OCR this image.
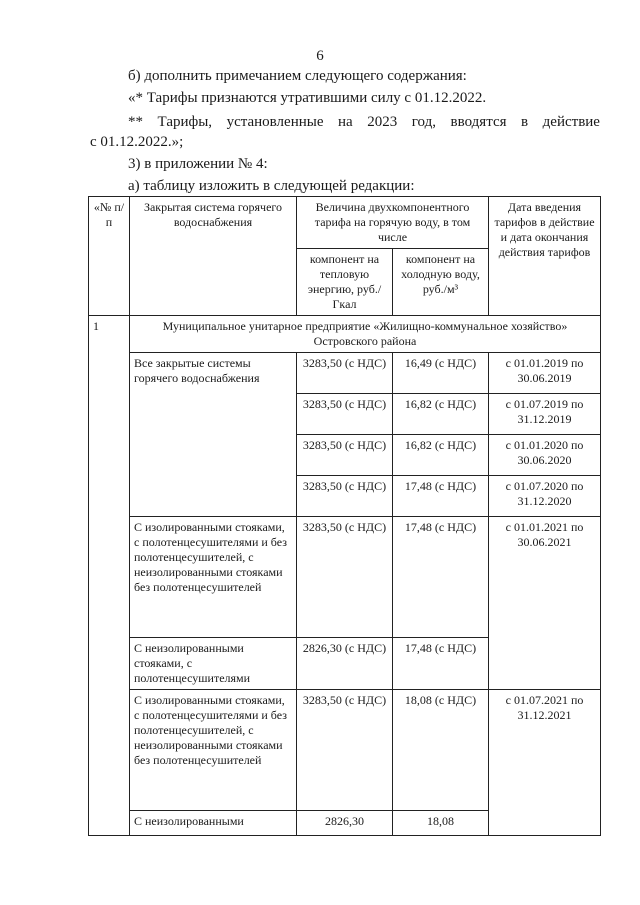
6
б) дополнить примечанием следующего содержания:
«* Тарифы признаются утратившими силу с 01.12.2022.
** Тарифы, установленные на 2023 год, вводятся в действие
с 01.12.2022.»;
3) в приложении № 4:
а) таблицу изложить в следующей редакции:
«№ п/п	Закрытая система горячего водоснабжения	Величина двухкомпонентного тарифа на горячую воду, в том числе		Дата введения тарифов в действие и дата окончания действия тарифов
		компонент на тепловую энергию, руб./Гкал	компонент на холодную воду, руб./м³	
1	Муниципальное унитарное предприятие «Жилищно-коммунальное хозяйство» Островского района			
	Все закрытые системы горячего водоснабжения	3283,50 (с НДС)	16,49 (с НДС)	с 01.01.2019 по 30.06.2019
		3283,50 (с НДС)	16,82 (с НДС)	с 01.07.2019 по 31.12.2019
		3283,50 (с НДС)	16,82 (с НДС)	с 01.01.2020 по 30.06.2020
		3283,50 (с НДС)	17,48 (с НДС)	с 01.07.2020 по 31.12.2020
	С изолированными стояками, с полотенцесушителями и без полотенцесушителей, с неизолированными стояками без полотенцесушителей	3283,50 (с НДС)	17,48 (с НДС)	с 01.01.2021 по 30.06.2021
	С неизолированными стояками, с полотенцесушителями	2826,30 (с НДС)	17,48 (с НДС)	
	С изолированными стояками, с полотенцесушителями и без полотенцесушителей, с неизолированными стояками без полотенцесушителей	3283,50 (с НДС)	18,08 (с НДС)	с 01.07.2021 по 31.12.2021
	С неизолированными	2826,30	18,08	
